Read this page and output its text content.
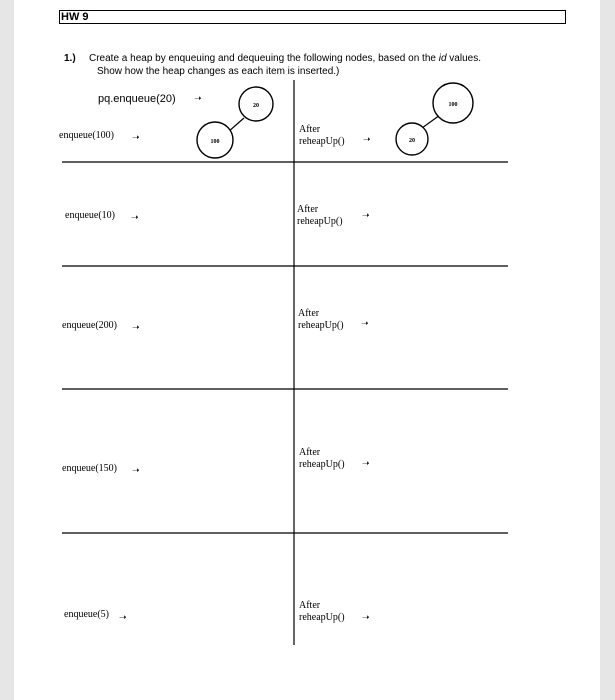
HW 9
1.) Create a heap by enqueuing and dequeuing the following nodes, based on the id values.
Show how the heap changes as each item is inserted.)
pq.enqueue(20) ➝
enqueue(100) ➝
After
reheapUp() ➝
enqueue(10) ➝
After
reheapUp()
➝
enqueue(200) ➝
After
reheapUp() ➝
enqueue(150) ➝
After
reheapUp() ➝
enqueue(5) ➝
After
reheapUp() ➝
20
100
100
20
